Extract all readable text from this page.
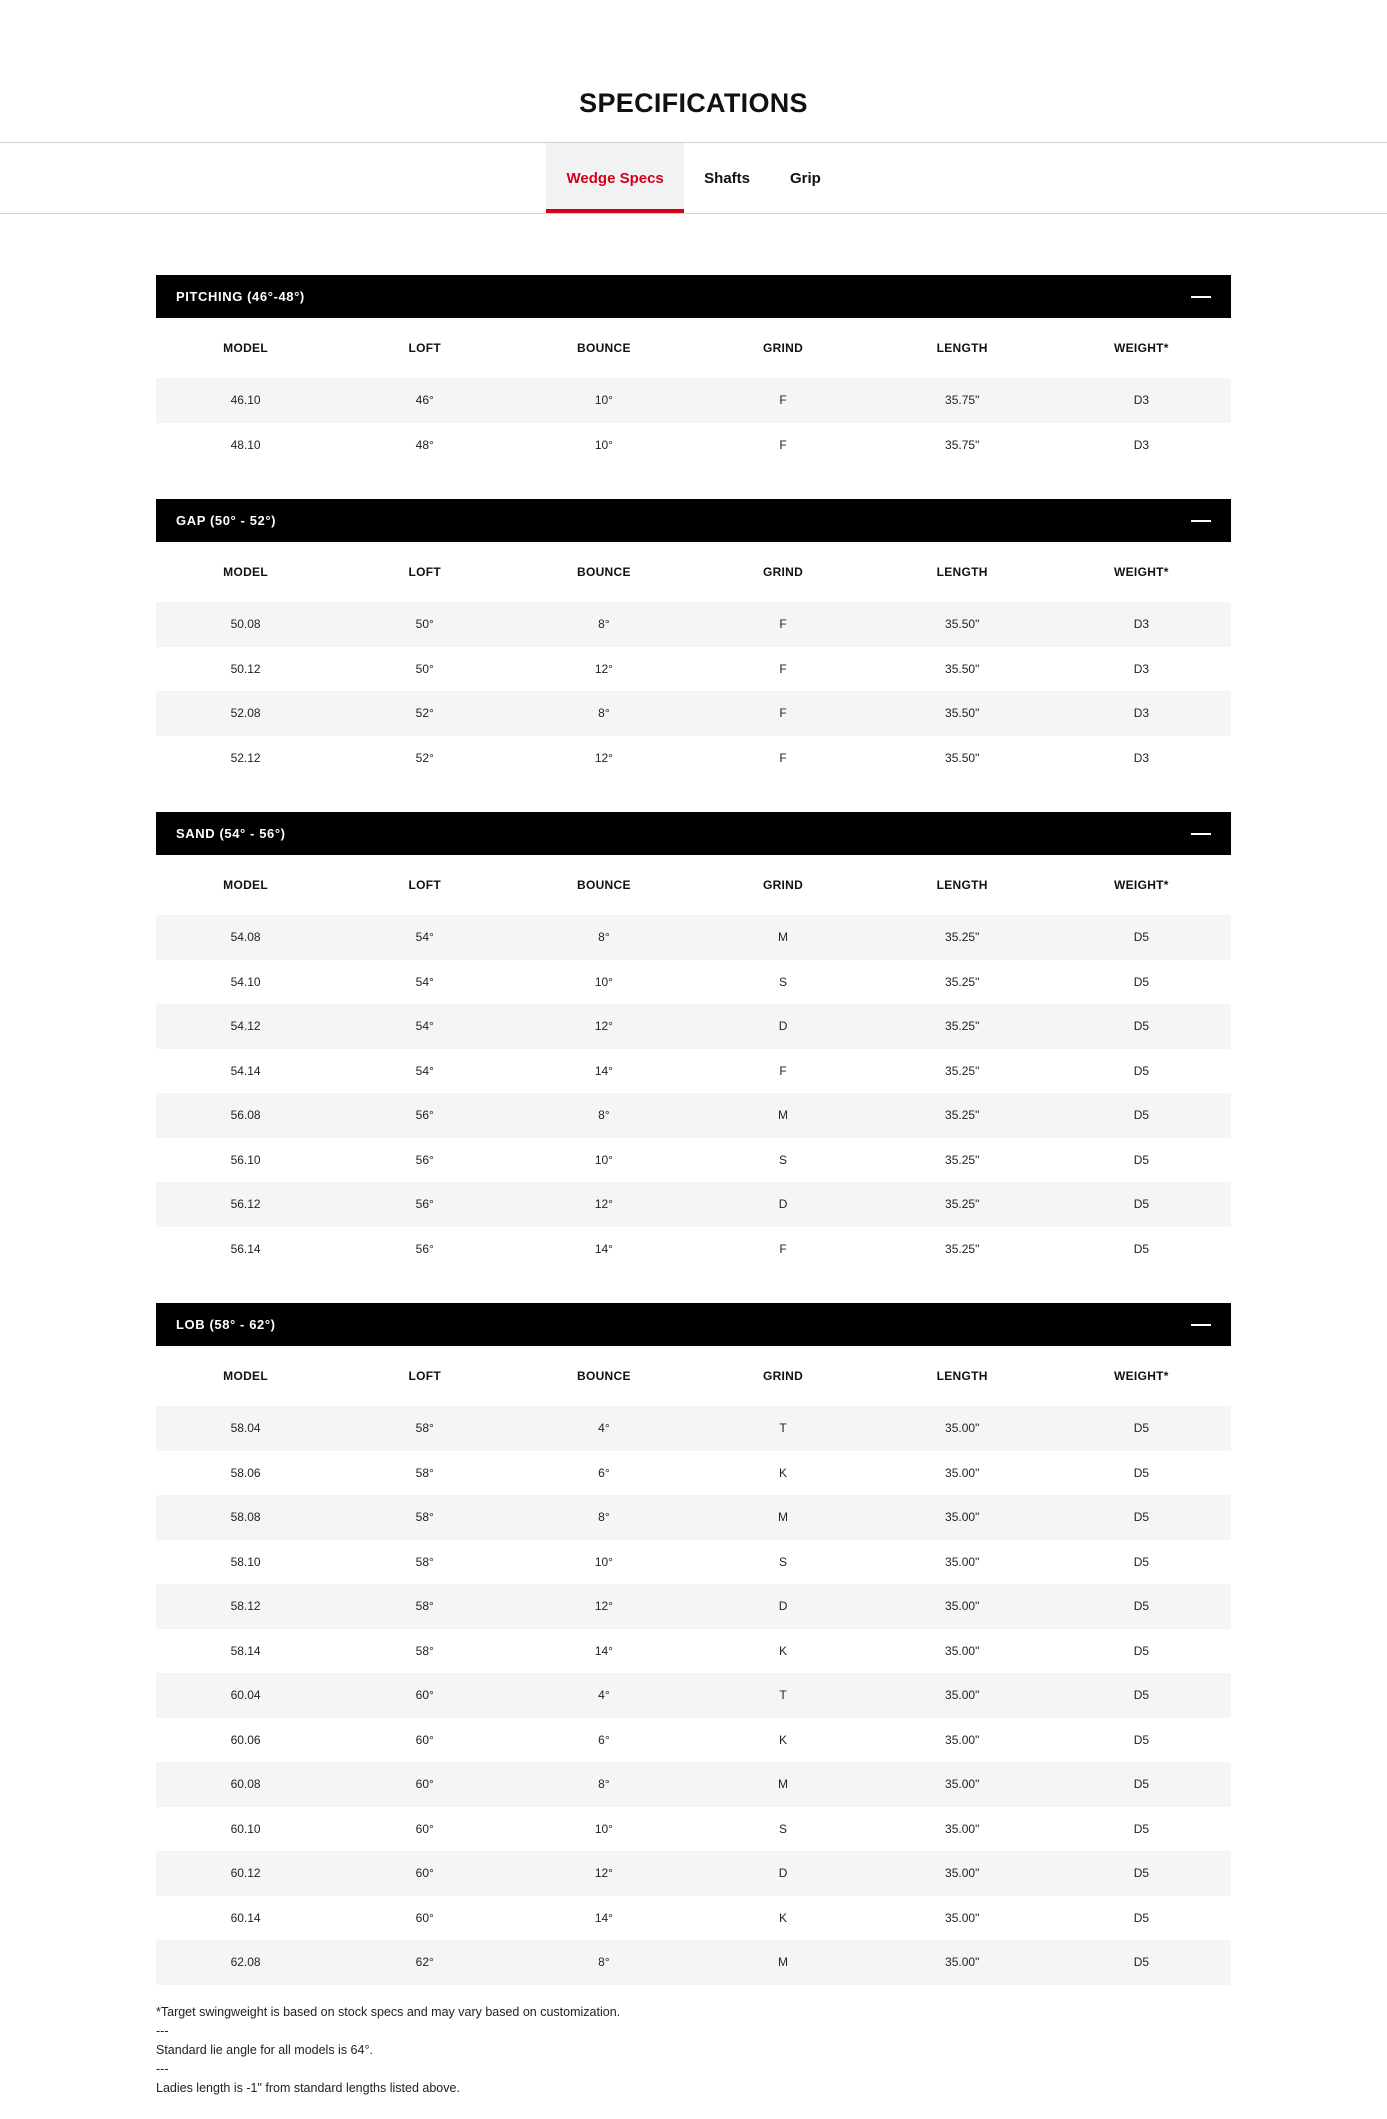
SPECIFICATIONS
Wedge Specs	Shafts	Grip
PITCHING (46°-48°)
MODEL	LOFT	BOUNCE	GRIND	LENGTH	WEIGHT*
46.10	46°	10°	F	35.75"	D3
48.10	48°	10°	F	35.75"	D3
GAP (50° - 52°)
MODEL	LOFT	BOUNCE	GRIND	LENGTH	WEIGHT*
50.08	50°	8°	F	35.50"	D3
50.12	50°	12°	F	35.50"	D3
52.08	52°	8°	F	35.50"	D3
52.12	52°	12°	F	35.50"	D3
SAND (54° - 56°)
MODEL	LOFT	BOUNCE	GRIND	LENGTH	WEIGHT*
54.08	54°	8°	M	35.25"	D5
54.10	54°	10°	S	35.25"	D5
54.12	54°	12°	D	35.25"	D5
54.14	54°	14°	F	35.25"	D5
56.08	56°	8°	M	35.25"	D5
56.10	56°	10°	S	35.25"	D5
56.12	56°	12°	D	35.25"	D5
56.14	56°	14°	F	35.25"	D5
LOB (58° - 62°)
MODEL	LOFT	BOUNCE	GRIND	LENGTH	WEIGHT*
58.04	58°	4°	T	35.00"	D5
58.06	58°	6°	K	35.00"	D5
58.08	58°	8°	M	35.00"	D5
58.10	58°	10°	S	35.00"	D5
58.12	58°	12°	D	35.00"	D5
58.14	58°	14°	K	35.00"	D5
60.04	60°	4°	T	35.00"	D5
60.06	60°	6°	K	35.00"	D5
60.08	60°	8°	M	35.00"	D5
60.10	60°	10°	S	35.00"	D5
60.12	60°	12°	D	35.00"	D5
60.14	60°	14°	K	35.00"	D5
62.08	62°	8°	M	35.00"	D5

*Target swingweight is based on stock specs and may vary based on customization.

---

Standard lie angle for all models is 64°.

---

Ladies length is -1" from standard lengths listed above.
